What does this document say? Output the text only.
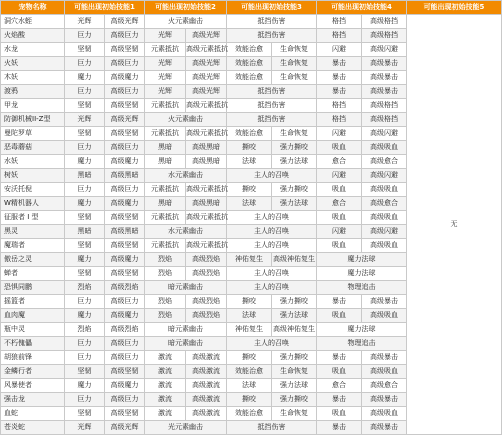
宠物名称	可能出现初始技能1		可能出现初始技能2		可能出现初始技能3		可能出现初始技能4		可能出现初始技能5
洞穴水蛭	光辉	高级光辉	火元素幽击		抵挡伤害		格挡	高级格挡	无
火焰酸	巨力	高级巨力	光辉	高级光辉	抵挡伤害		格挡	高级格挡	
水龙	坚韧	高级坚韧	元素抵抗	高级元素抵抗	效能治愈	生命恢复	闪避	高级闪避	
火妖	巨力	高级巨力	光辉	高级光辉	效能治愈	生命恢复	暴击	高级暴击	
木妖	魔力	高级魔力	光辉	高级光辉	效能治愈	生命恢复	暴击	高级暴击	
渡鸦	巨力	高级巨力	光辉	高级光辉	抵挡伤害		暴击	高级暴击	
甲龙	坚韧	高级坚韧	元素抵抗	高级元素抵抗	抵挡伤害		格挡	高级格挡	
防御机械II-Z型	光辉	高级光辉	火元素幽击		抵挡伤害		格挡	高级格挡	
曼陀罗草	坚韧	高级坚韧	元素抵抗	高级元素抵抗	效能治愈	生命恢复	闪避	高级闪避	
恶毒蘑菇	巨力	高级巨力	黑暗	高级黑暗	撕咬	强力撕咬	吸血	高级吸血	
水妖	魔力	高级魔力	黑暗	高级黑暗	法球	强力法球	愈合	高级愈合	
树妖	黑暗	高级黑暗	水元素幽击		主人的召唤		闪避	高级闪避	
安沃托倪	巨力	高级巨力	元素抵抗	高级元素抵抗	撕咬	强力撕咬	吸血	高级吸血	
W精机器人	魔力	高级魔力	黑暗	高级黑暗	法球	强力法球	愈合	高级愈合	
征服者 I 型	坚韧	高级坚韧	元素抵抗	高级元素抵抗	主人的召唤		吸血	高级吸血	
黑灵	黑暗	高级黑暗	水元素幽击		主人的召唤		闪避	高级闪避	
魔瑞者	坚韧	高级坚韧	元素抵抗	高级元素抵抗	主人的召唤		吸血	高级吸血	
傲岳之灵	魔力	高级魔力	烈焰	高级烈焰	神佑复生	高级神佑复生	魔力法球		
蝉者	坚韧	高级坚韧	烈焰	高级烈焰	主人的召唤		魔力法球		
恐惧同鹏	烈焰	高级烈焰	暗元素幽击		主人的召唤		物理追击		
摇篮者	巨力	高级巨力	烈焰	高级烈焰	撕咬	强力撕咬	暴击	高级暴击	
血肉魔	魔力	高级魔力	烈焰	高级烈焰	法球	强力法球	吸血	高级吸血	
瓶中灵	烈焰	高级烈焰	暗元素幽击		神佑复生	高级神佑复生	魔力法球		
不朽傀儡	巨力	高级巨力	暗元素幽击		主人的召唤		物理追击		
胡狼前锋	巨力	高级巨力	激流	高级激流	撕咬	强力撕咬	暴击	高级暴击	
金鳞行者	坚韧	高级坚韧	激流	高级激流	效能治愈	生命恢复	吸血	高级吸血	
风暴使者	魔力	高级魔力	激流	高级激流	法球	强力法球	愈合	高级愈合	
强击龙	巨力	高级巨力	激流	高级激流	撕咬	强力撕咬	暴击	高级暴击	
血蛇	坚韧	高级坚韧	激流	高级激流	效能治愈	生命恢复	吸血	高级吸血	
苍炎蛇	光辉	高级光辉	光元素幽击		抵挡伤害		暴击	高级暴击	
